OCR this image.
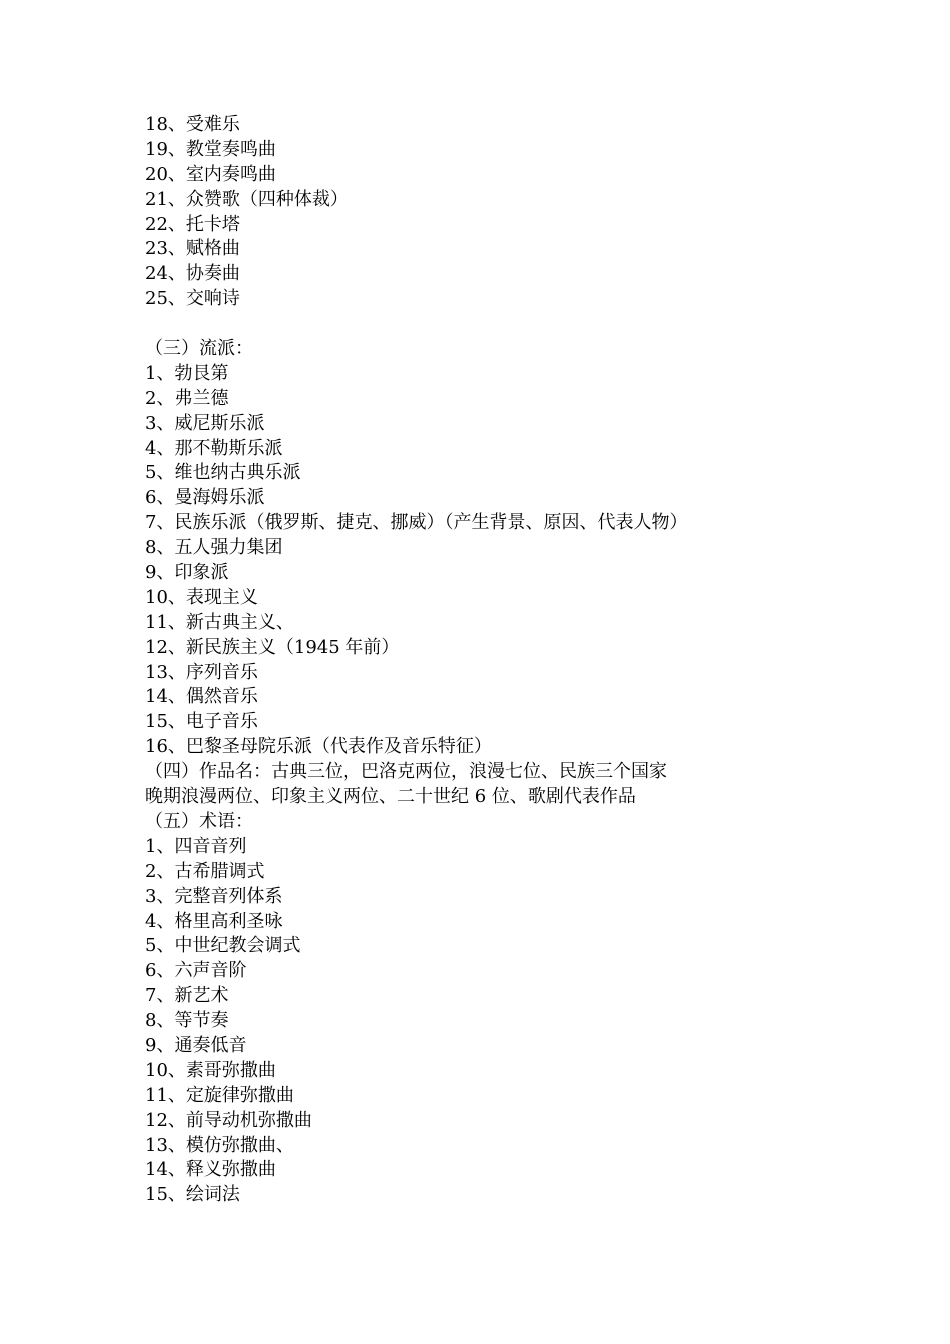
18、受难乐
19、教堂奏鸣曲
20、室内奏鸣曲
21、众赞歌（四种体裁）
22、托卡塔
23、赋格曲
24、协奏曲
25、交响诗
（三）流派：
1、勃艮第
2、弗兰德
3、威尼斯乐派
4、那不勒斯乐派
5、维也纳古典乐派
6、曼海姆乐派
7、民族乐派（俄罗斯、捷克、挪威）（产生背景、原因、代表人物）
8、五人强力集团
9、印象派
10、表现主义
11、新古典主义、
12、新民族主义（1945 年前）
13、序列音乐
14、偶然音乐
15、电子音乐
16、巴黎圣母院乐派（代表作及音乐特征）
（四）作品名：古典三位，巴洛克两位，浪漫七位、民族三个国家
晚期浪漫两位、印象主义两位、二十世纪 6 位、歌剧代表作品
（五）术语：
1、四音音列
2、古希腊调式
3、完整音列体系
4、格里高利圣咏
5、中世纪教会调式
6、六声音阶
7、新艺术
8、等节奏
9、通奏低音
10、素哥弥撒曲
11、定旋律弥撒曲
12、前导动机弥撒曲
13、模仿弥撒曲、
14、释义弥撒曲
15、绘词法
